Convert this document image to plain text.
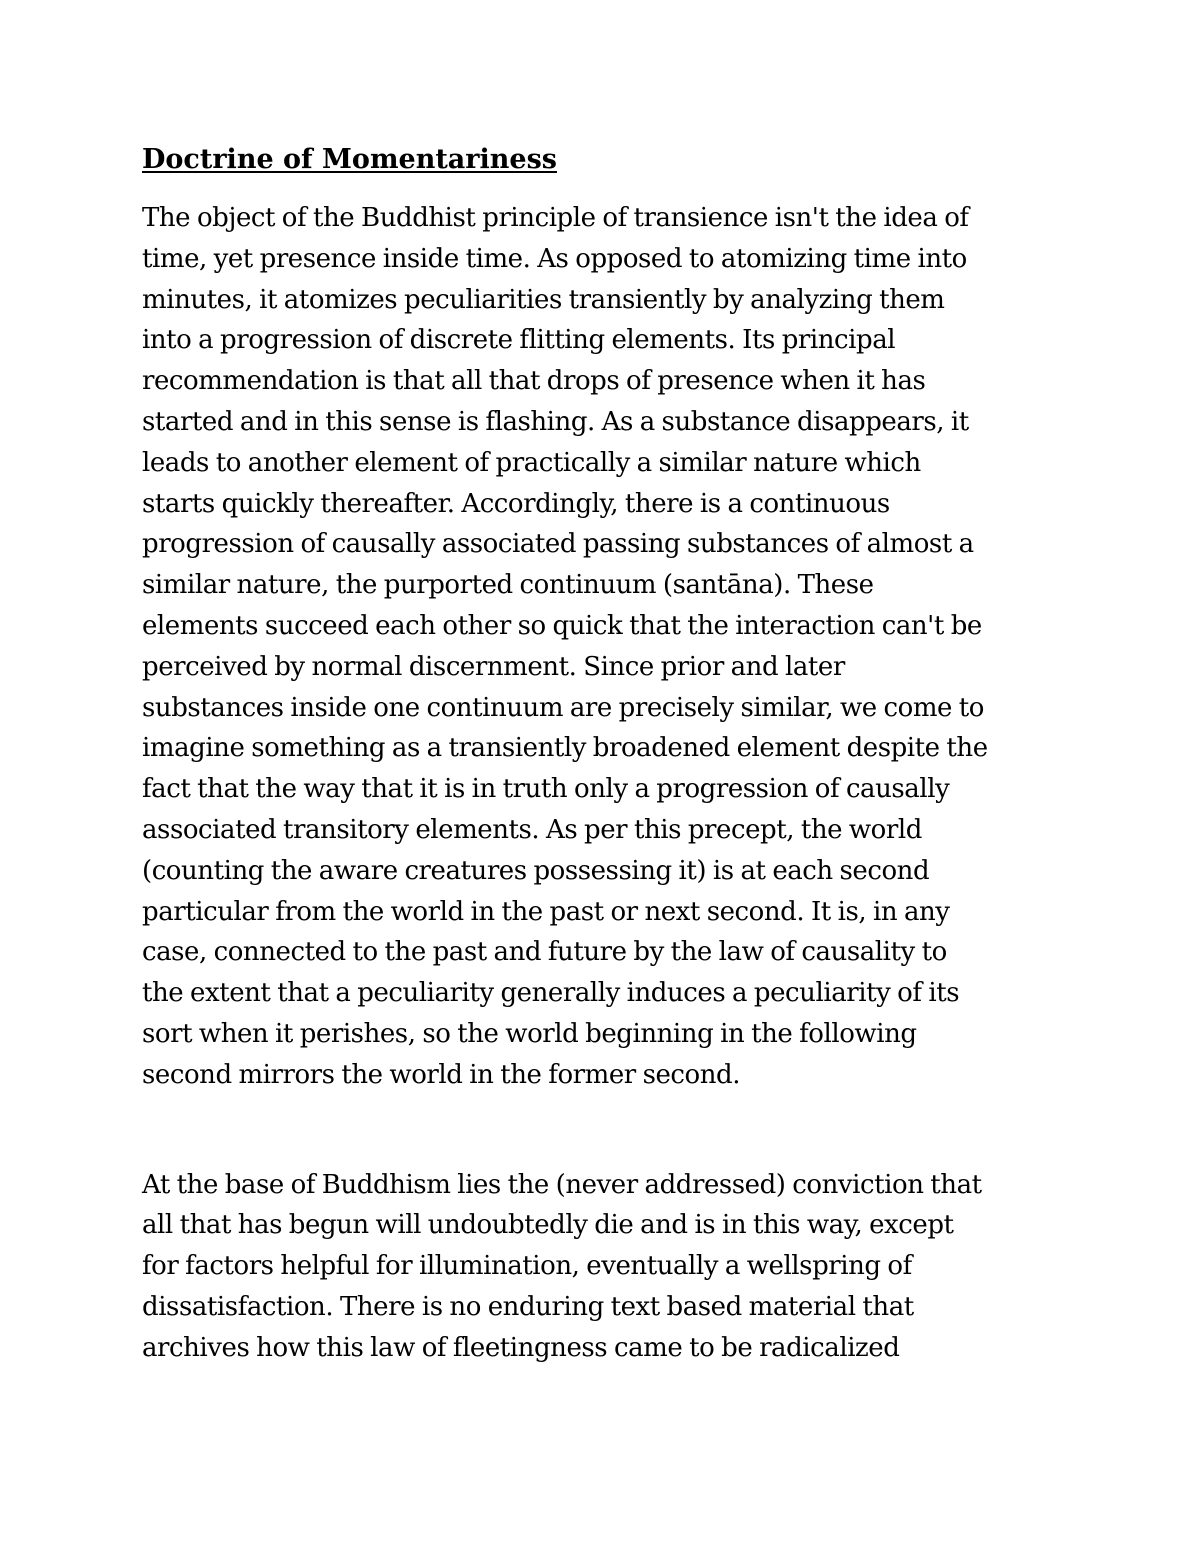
Doctrine of Momentariness

The object of the Buddhist principle of transience isn't the idea of
time, yet presence inside time. As opposed to atomizing time into
minutes, it atomizes peculiarities transiently by analyzing them
into a progression of discrete flitting elements. Its principal
recommendation is that all that drops of presence when it has
started and in this sense is flashing. As a substance disappears, it
leads to another element of practically a similar nature which
starts quickly thereafter. Accordingly, there is a continuous
progression of causally associated passing substances of almost a
similar nature, the purported continuum (santāna). These
elements succeed each other so quick that the interaction can't be
perceived by normal discernment. Since prior and later
substances inside one continuum are precisely similar, we come to
imagine something as a transiently broadened element despite the
fact that the way that it is in truth only a progression of causally
associated transitory elements. As per this precept, the world
(counting the aware creatures possessing it) is at each second
particular from the world in the past or next second. It is, in any
case, connected to the past and future by the law of causality to
the extent that a peculiarity generally induces a peculiarity of its
sort when it perishes, so the world beginning in the following
second mirrors the world in the former second.

At the base of Buddhism lies the (never addressed) conviction that
all that has begun will undoubtedly die and is in this way, except
for factors helpful for illumination, eventually a wellspring of
dissatisfaction. There is no enduring text based material that
archives how this law of fleetingness came to be radicalized
